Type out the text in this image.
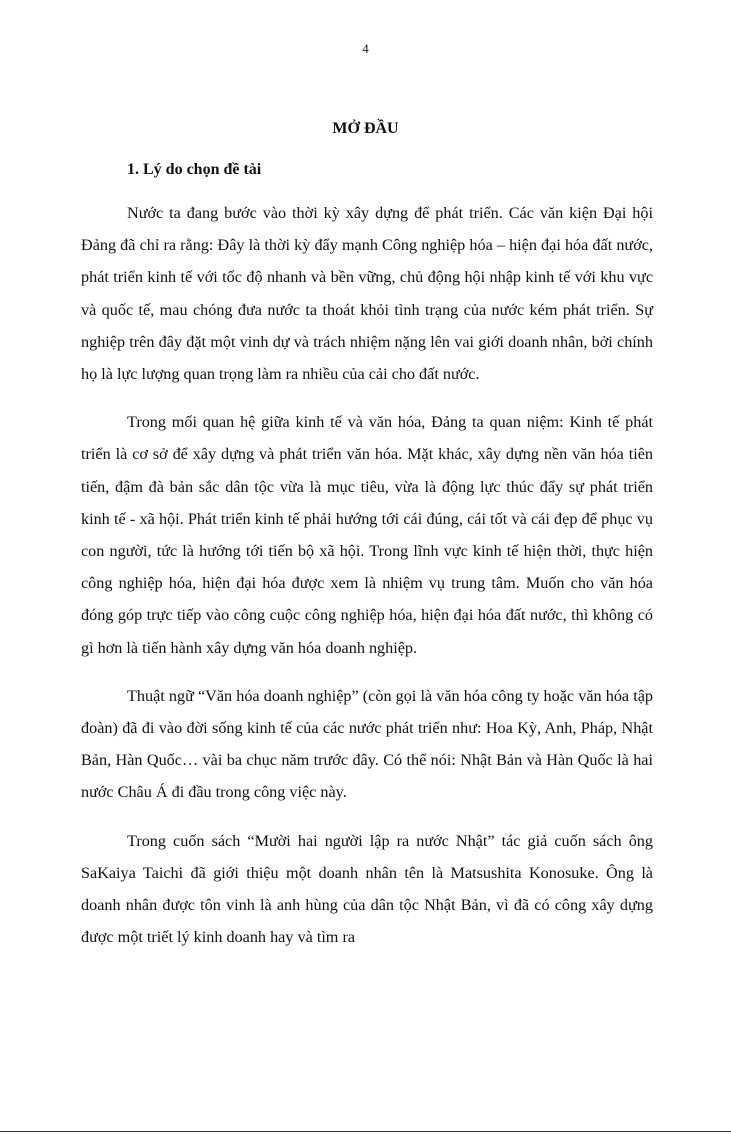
4
MỞ ĐẦU
1. Lý do chọn đề tài

Nước ta đang bước vào thời kỳ xây dựng để phát triển. Các văn kiện Đại hội Đảng đã chỉ ra rằng: Đây là thời kỳ đẩy mạnh Công nghiệp hóa – hiện đại hóa đất nước, phát triển kinh tế với tốc độ nhanh và bền vững, chủ động hội nhập kinh tế với khu vực và quốc tế, mau chóng đưa nước ta thoát khỏi tình trạng của nước kém phát triển. Sự nghiệp trên đây đặt một vinh dự và trách nhiệm nặng lên vai giới doanh nhân, bởi chính họ là lực lượng quan trọng làm ra nhiều của cải cho đất nước.

Trong mối quan hệ giữa kinh tế và văn hóa, Đảng ta quan niệm: Kinh tế phát triển là cơ sở để xây dựng và phát triển văn hóa. Mặt khác, xây dựng nền văn hóa tiên tiến, đậm đà bản sắc dân tộc vừa là mục tiêu, vừa là động lực thúc đẩy sự phát triển kinh tế - xã hội. Phát triển kinh tế phải hướng tới cái đúng, cái tốt và cái đẹp để phục vụ con người, tức là hướng tới tiến bộ xã hội. Trong lĩnh vực kinh tế hiện thời, thực hiện công nghiệp hóa, hiện đại hóa được xem là nhiệm vụ trung tâm. Muốn cho văn hóa đóng góp trực tiếp vào công cuộc công nghiệp hóa, hiện đại hóa đất nước, thì không có gì hơn là tiến hành xây dựng văn hóa doanh nghiệp.

Thuật ngữ “Văn hóa doanh nghiệp” (còn gọi là văn hóa công ty hoặc văn hóa tập đoàn) đã đi vào đời sống kinh tế của các nước phát triển như: Hoa Kỳ, Anh, Pháp, Nhật Bản, Hàn Quốc… vài ba chục năm trước đây. Có thể nói: Nhật Bản và Hàn Quốc là hai nước Châu Á đi đầu trong công việc này.

Trong cuốn sách “Mười hai người lập ra nước Nhật” tác giả cuốn sách ông SaKaiya Taichi đã giới thiệu một doanh nhân tên là Matsushita Konosuke. Ông là doanh nhân được tôn vinh là anh hùng của dân tộc Nhật Bản, vì đã có công xây dựng được một triết lý kinh doanh hay và tìm ra
